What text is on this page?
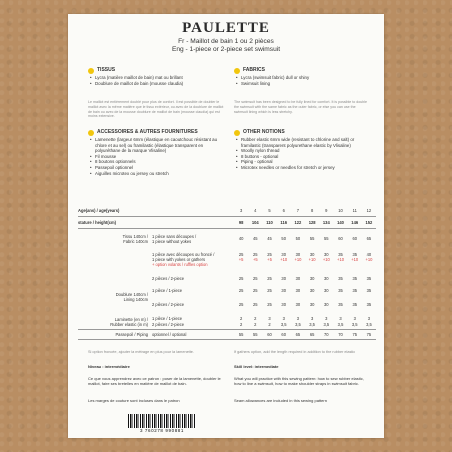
PAULETTE
Fr - Maillot de bain 1 ou 2 pièces
Eng - 1-piece or 2-piece set swimsuit
TISSUS
• Lycra (matière maillot de bain) mat ou brillant
• Doublure de maillot de bain (mousse claudia)
FABRICS
• Lycra (swimsuit fabric) dull or shiny
• Swimsuit lining
Le maillot est entièrement doublé pour plus de confort. Il est possible de doubler le maillot avec la même matière que le tissu extérieur, ou avec de la doublure de maillot de bain ou avec de la mousse doublure de maillot de bain (mousse claudia) qui est moins extensive.
The swimsuit has been designed to be fully lined for comfort. It is possible to double the swimsuit with the same fabric as the outer fabric, or else you can use the swimsuit lining which is less stretchy.
ACCESSOIRES & AUTRES FOURNITURES
• Lamenette (largeur 6mm (élastique en caoutchouc résistant au chlore et au sel) ou framilastic (élastique transparent en polyuréthane de la marque Vlisaline)
• Fil mousse
• 8 boutons optionnels
• Passepoil optionnel
• Aiguilles microtex ou jersey ou stretch
OTHER NOTIONS
• Rubber elastic 6mm wide (resistant to chlorine and salt) or framilastic (transparent polyurethane elastic by Vlisaline)
• Woolly nylon thread
• 8 buttons - optional
• Piping - optional
• Microtex needles or needles for stretch or jersey
Age(ans) / age(years)	3	4	5	6	7	8	9	10	11	12
stature / height(cm)	98	104	110	116	122	128	134	140	146	152
Tissu 140cm /
Fabric 140cm
1 pièce sans découpes /
1 piece without yokes
40	45	45	50	50	55	55	60	60	65
1 pièce avec découpes ou froncé /
1 piece with yokes or gathers
+ option volants / ruffles option
25	25	25	30	30	30	30	35	35	40
+5	+5	+5	+10	+10	+10	+10	+10	+10	+10
2 pièces / 2-piece	25	25	25	30	30	30	30	35	35	35
Doublure 140cm /
Lining 140cm
1 pièce / 1-piece	25	25	25	30	30	30	30	35	35	35
2 pièces / 2-piece	25	25	25	30	30	30	30	35	35	35
Laminette (en m) /
Rubber elastic (in m)
1 pièce / 1-piece	2	2	3	3	3	3	3	3	3	3
2 pièces / 2-piece	2	2	2	3,5	3,5	3,5	3,5	3,5	3,5	3,5
Passepoil / Piping optionnel / optional	55	55	60	60	65	65	70	70	75	75
Si option froncée, ajouter la métrage en plus pour la lamenette.	If gathers option, add the length required in addition to the rubber elastic
Niveau : intermédiaire	Skill level: intermediate
Ce que vous apprendrez avec ce patron : poser de la lamenette, doubler le maillot, faire ses bretelles en matière de maillot de bain.
What you will practice with this sewing pattern: how to sew rubber elastic, how to line a swimsuit, how to make shoulder straps in swimsuit fabric.
Les marges de couture sont incluses dans le patron	Seam allowances are included in this sewing pattern
3 760278 990881
